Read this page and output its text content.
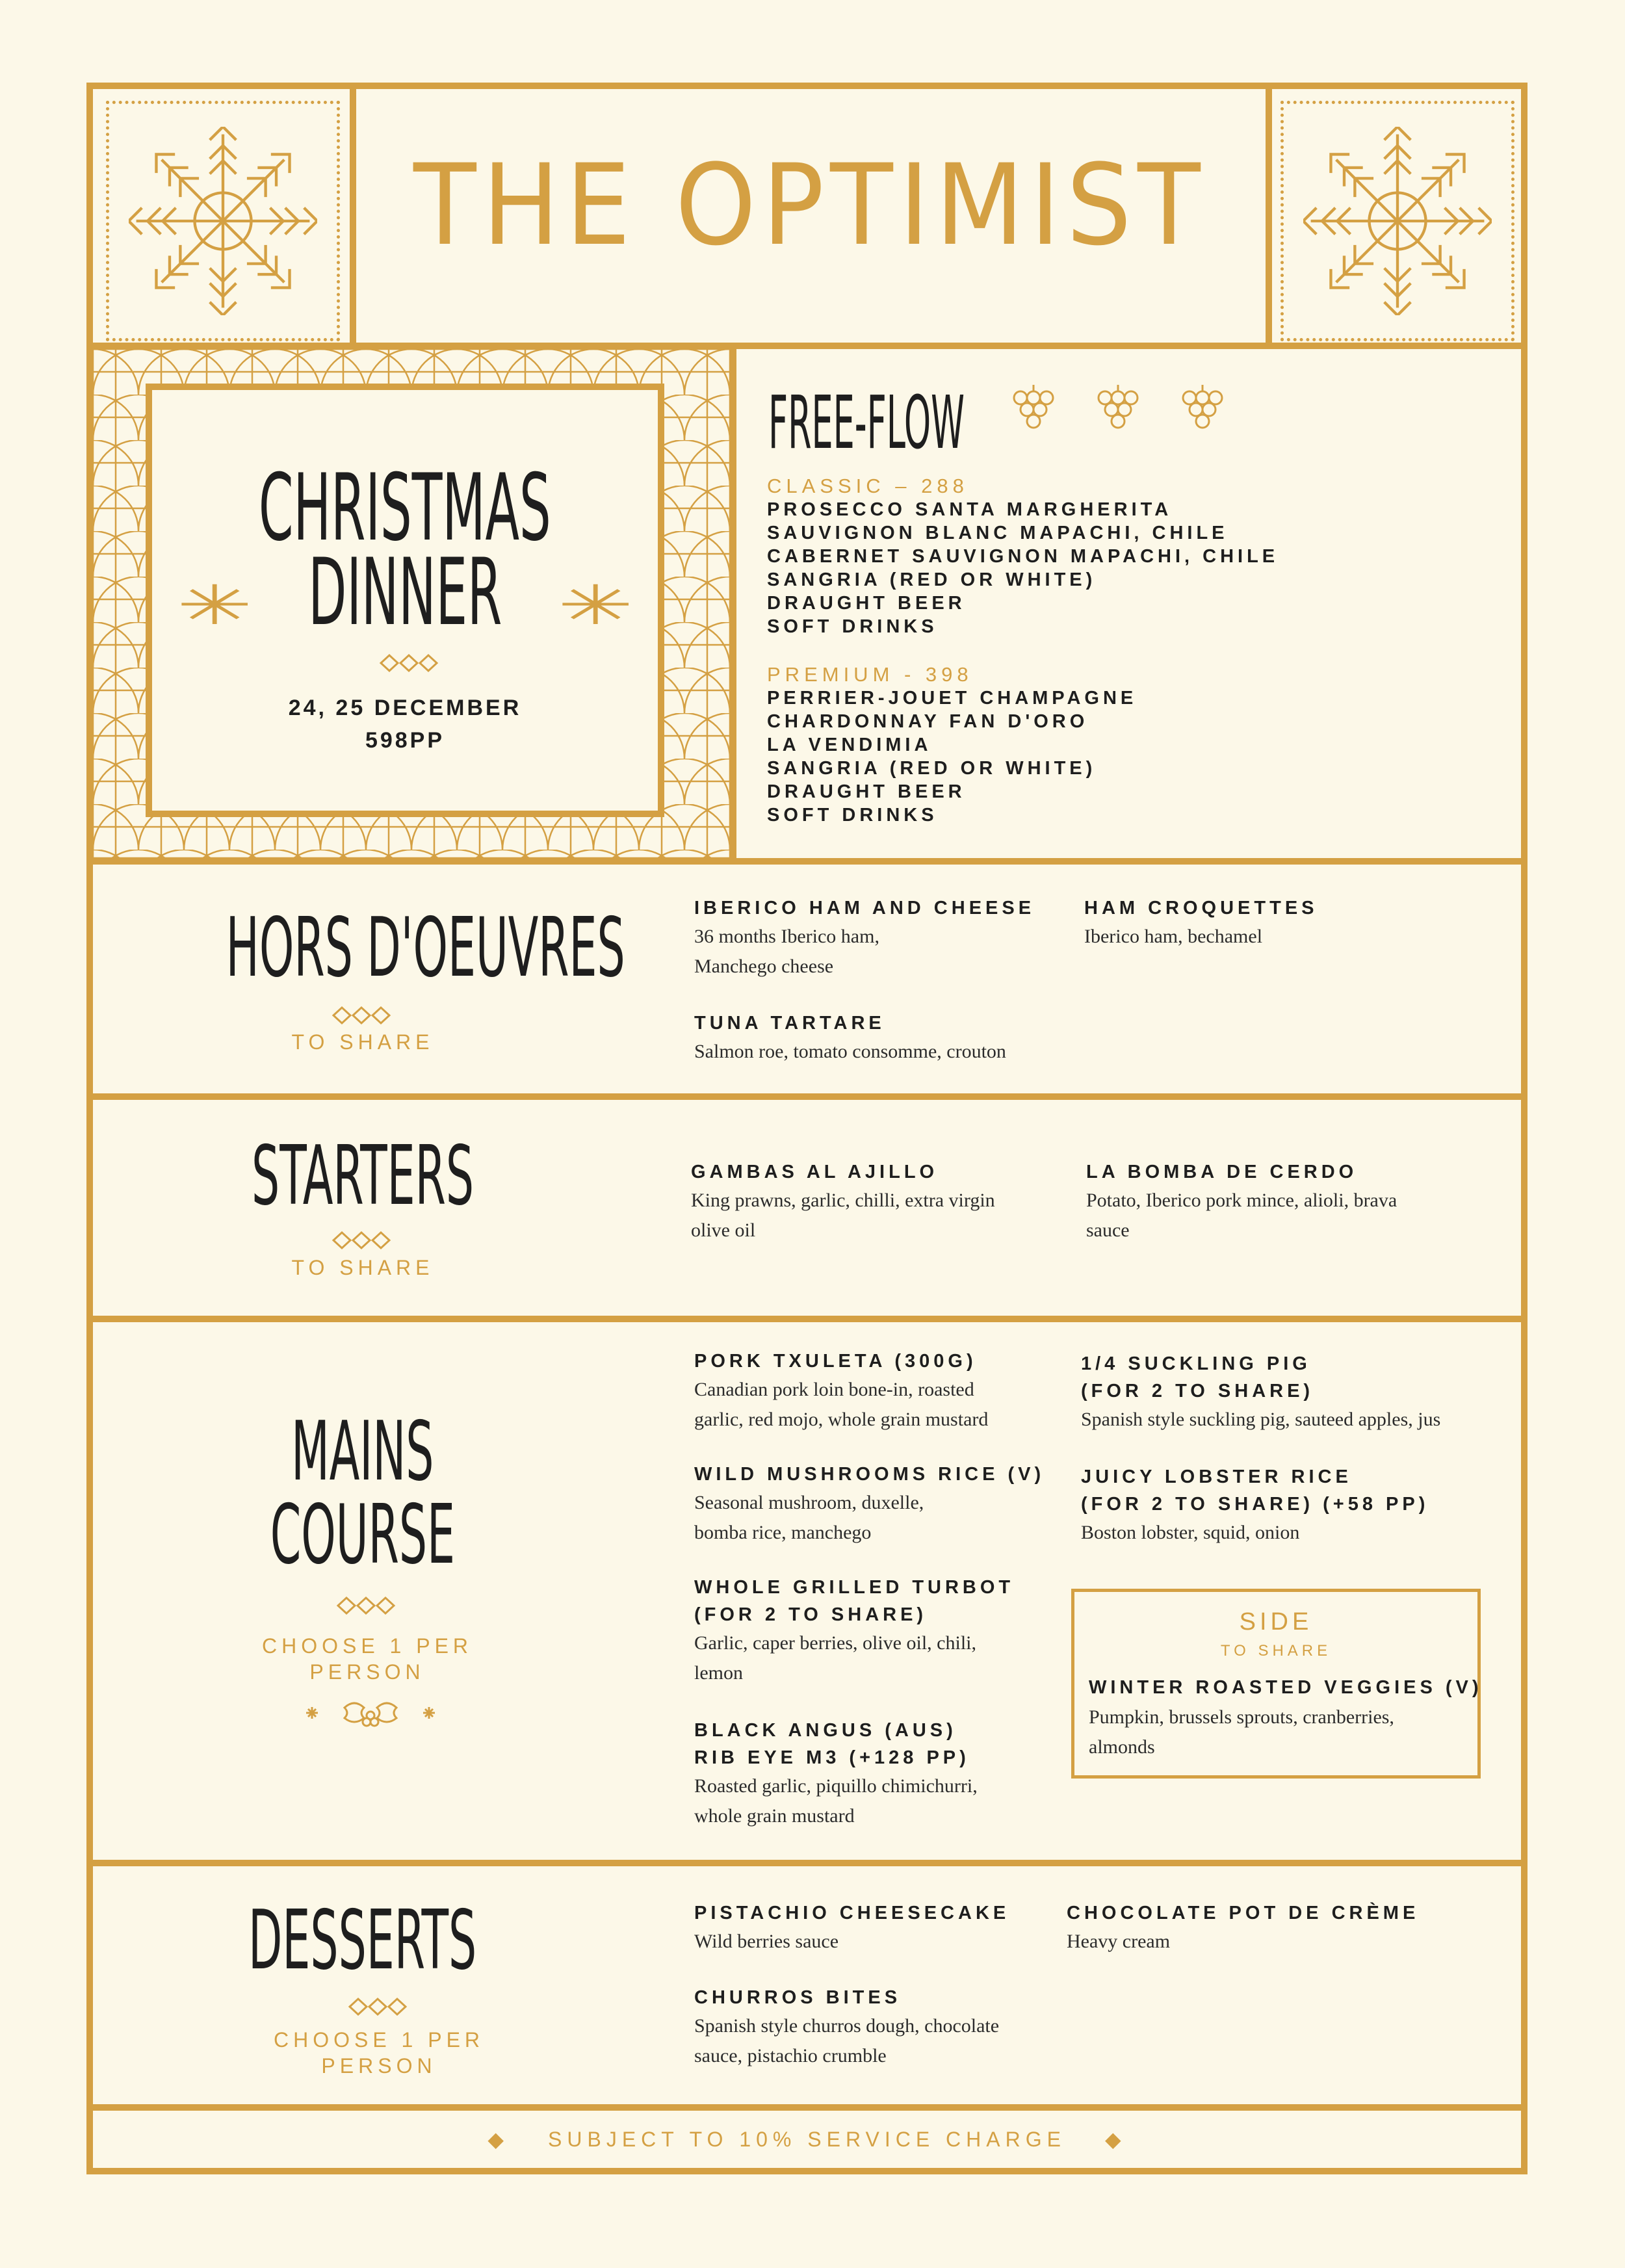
THE OPTIMIST
CHRISTMAS
✳ DINNER ✳
24, 25 DECEMBER
598PP
FREE-FLOW
CLASSIC – 288
PROSECCO SANTA MARGHERITA
SAUVIGNON BLANC MAPACHI, CHILE
CABERNET SAUVIGNON MAPACHI, CHILE
SANGRIA (RED OR WHITE)
DRAUGHT BEER
SOFT DRINKS
PREMIUM - 398
PERRIER-JOUET CHAMPAGNE
CHARDONNAY FAN D'ORO
LA VENDIMIA
SANGRIA (RED OR WHITE)
DRAUGHT BEER
SOFT DRINKS
HORS D'OEUVRES
TO SHARE
IBERICO HAM AND CHEESE
36 months Iberico ham,
Manchego cheese
HAM CROQUETTES
Iberico ham, bechamel
TUNA TARTARE
Salmon roe, tomato consomme, crouton
STARTERS
TO SHARE
GAMBAS AL AJILLO
King prawns, garlic, chilli, extra virgin
olive oil
LA BOMBA DE CERDO
Potato, Iberico pork mince, alioli, brava
sauce
MAINS
COURSE
CHOOSE 1 PER
PERSON
PORK TXULETA (300G)
Canadian pork loin bone-in, roasted
garlic, red mojo, whole grain mustard
WILD MUSHROOMS RICE (V)
Seasonal mushroom, duxelle,
bomba rice, manchego
WHOLE GRILLED TURBOT
(FOR 2 TO SHARE)
Garlic, caper berries, olive oil, chili,
lemon
BLACK ANGUS (AUS)
RIB EYE M3 (+128 PP)
Roasted garlic, piquillo chimichurri,
whole grain mustard
1/4 SUCKLING PIG
(FOR 2 TO SHARE)
Spanish style suckling pig, sauteed apples, jus
JUICY LOBSTER RICE
(FOR 2 TO SHARE) (+58 PP)
Boston lobster, squid, onion
SIDE
TO SHARE
WINTER ROASTED VEGGIES (V)
Pumpkin, brussels sprouts, cranberries,
almonds
DESSERTS
CHOOSE 1 PER
PERSON
PISTACHIO CHEESECAKE
Wild berries sauce
CHOCOLATE POT DE CRÈME
Heavy cream
CHURROS BITES
Spanish style churros dough, chocolate
sauce, pistachio crumble
◆ SUBJECT TO 10% SERVICE CHARGE ◆
